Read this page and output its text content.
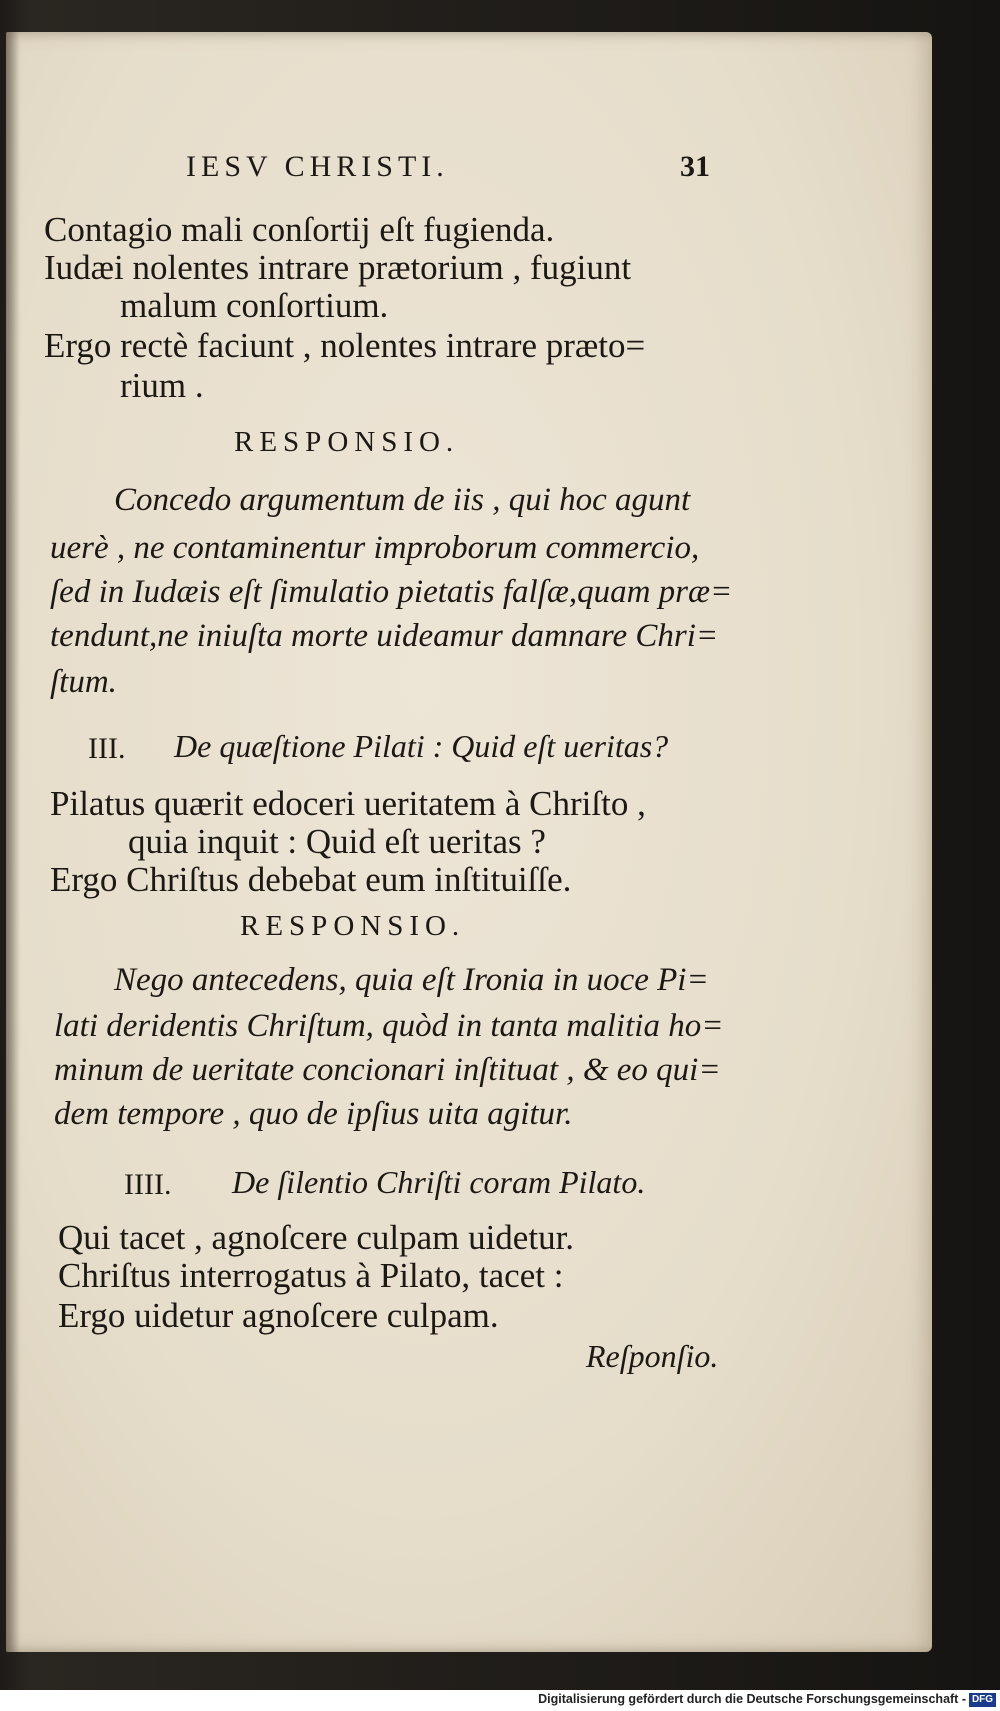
IESV CHRISTI.	31
Contagio mali conſortij eſt fugienda.
Iudæi nolentes intrare prætorium , fugiunt
malum conſortium.
Ergo rectè faciunt , nolentes intrare præto=
rium .
RESPONSIO.
Concedo argumentum de iis , qui hoc agunt
uerè , ne contaminentur improborum commercio,
ſed in Iudæis eſt ſimulatio pietatis falſæ,quam præ=
tendunt,ne iniuſta morte uideamur damnare Chri=
ſtum.
III. De quæſtione Pilati : Quid eſt ueritas?
Pilatus quærit edoceri ueritatem à Chriſto ,
quia inquit : Quid eſt ueritas ?
Ergo Chriſtus debebat eum inſtituiſſe.
RESPONSIO.
Nego antecedens, quia eſt Ironia in uoce Pi=
lati deridentis Chriſtum, quòd in tanta malitia ho=
minum de ueritate concionari inſtituat , & eo qui=
dem tempore , quo de ipſius uita agitur.
IIII. De ſilentio Chriſti coram Pilato.
Qui tacet , agnoſcere culpam uidetur.
Chriſtus interrogatus à Pilato, tacet :
Ergo uidetur agnoſcere culpam.
Reſponſio.
Digitalisierung gefördert durch die Deutsche Forschungsgemeinschaft - DFG
